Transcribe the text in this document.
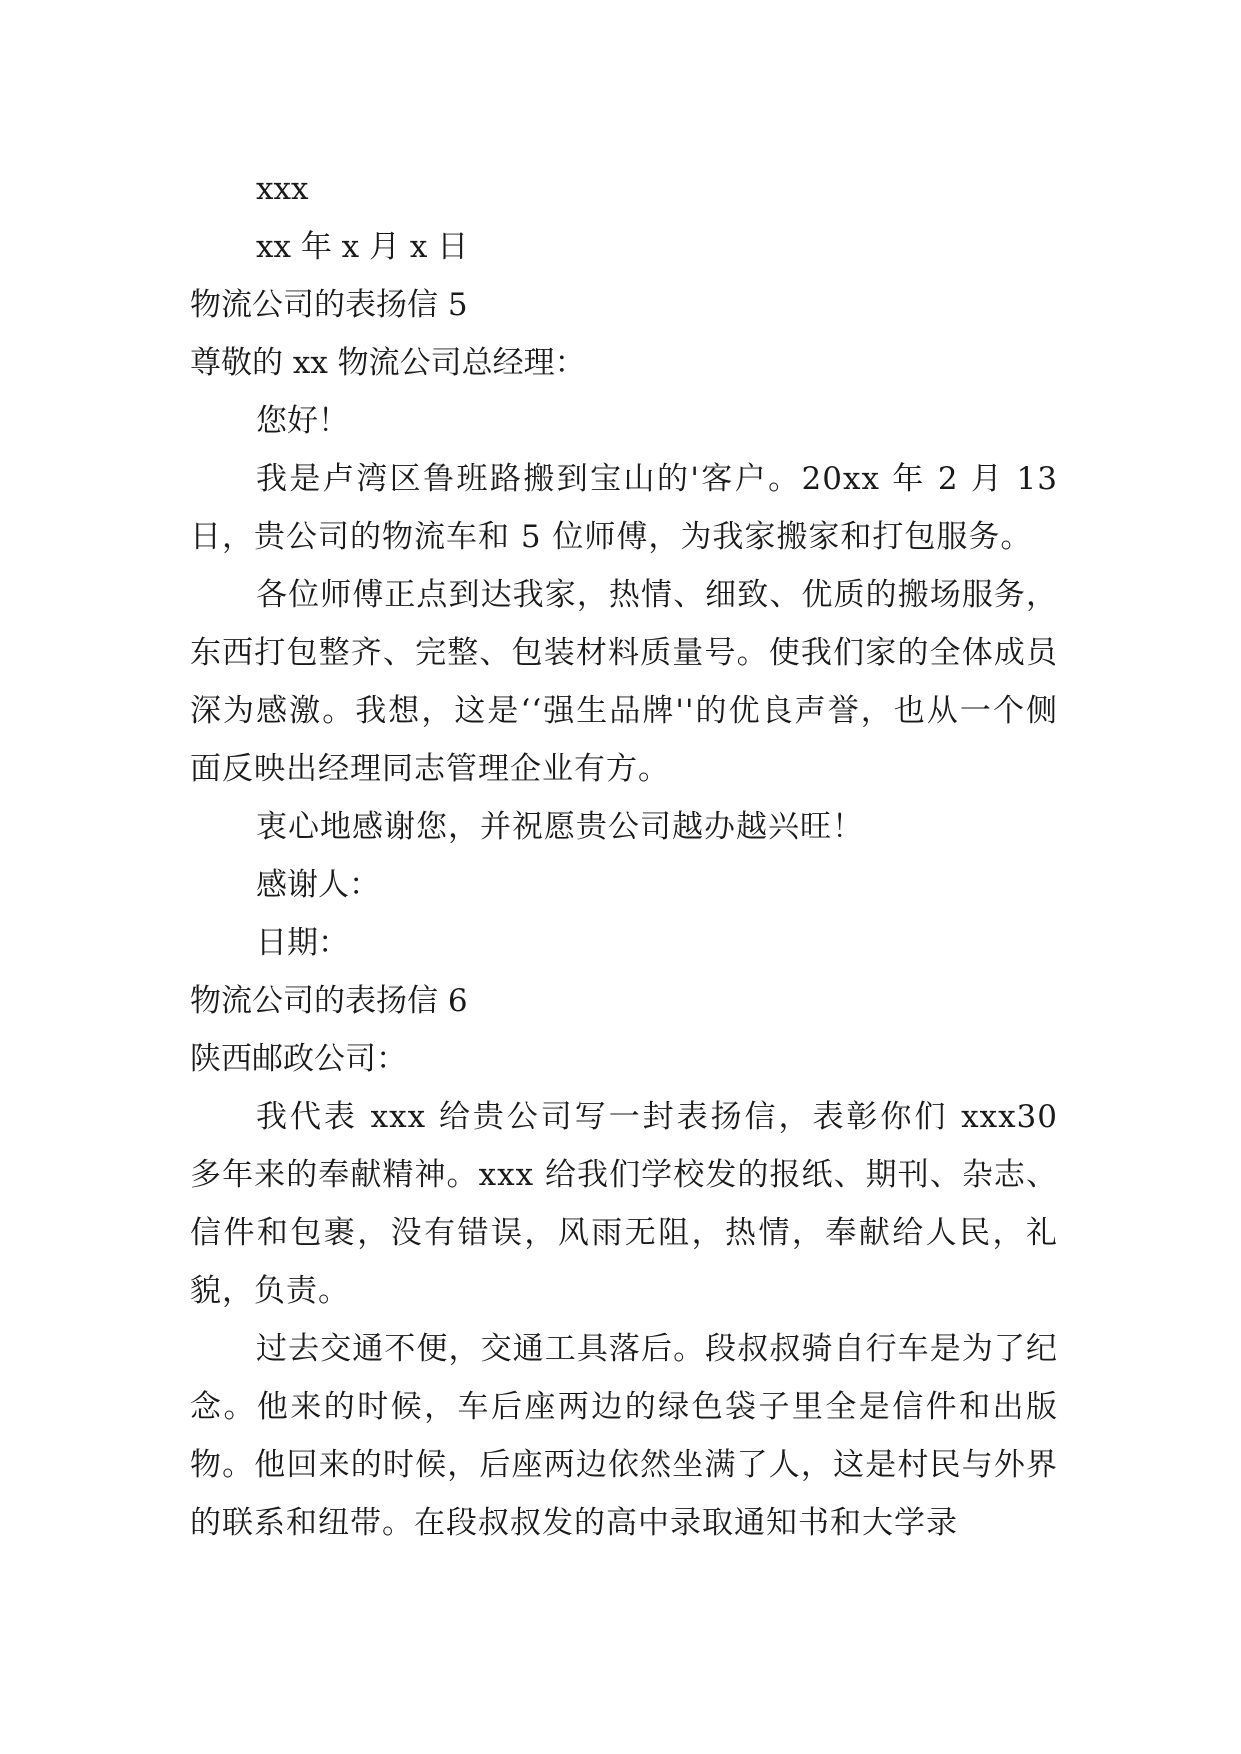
xxx
xx 年 x 月 x 日
物流公司的表扬信 5
尊敬的 xx 物流公司总经理：
您好！
我是卢湾区鲁班路搬到宝山的'客户。20xx 年 2 月 13 日，贵公司的物流车和 5 位师傅，为我家搬家和打包服务。
各位师傅正点到达我家，热情、细致、优质的搬场服务，东西打包整齐、完整、包装材料质量号。使我们家的全体成员深为感激。我想，这是‘‘强生品牌''的优良声誉，也从一个侧面反映出经理同志管理企业有方。
衷心地感谢您，并祝愿贵公司越办越兴旺！
感谢人：
日期：
物流公司的表扬信 6
陕西邮政公司：
我代表 xxx 给贵公司写一封表扬信，表彰你们 xxx30 多年来的奉献精神。xxx 给我们学校发的报纸、期刊、杂志、信件和包裹，没有错误，风雨无阻，热情，奉献给人民，礼貌，负责。
过去交通不便，交通工具落后。段叔叔骑自行车是为了纪念。他来的时候，车后座两边的绿色袋子里全是信件和出版物。他回来的时候，后座两边依然坐满了人，这是村民与外界的联系和纽带。在段叔叔发的高中录取通知书和大学录
